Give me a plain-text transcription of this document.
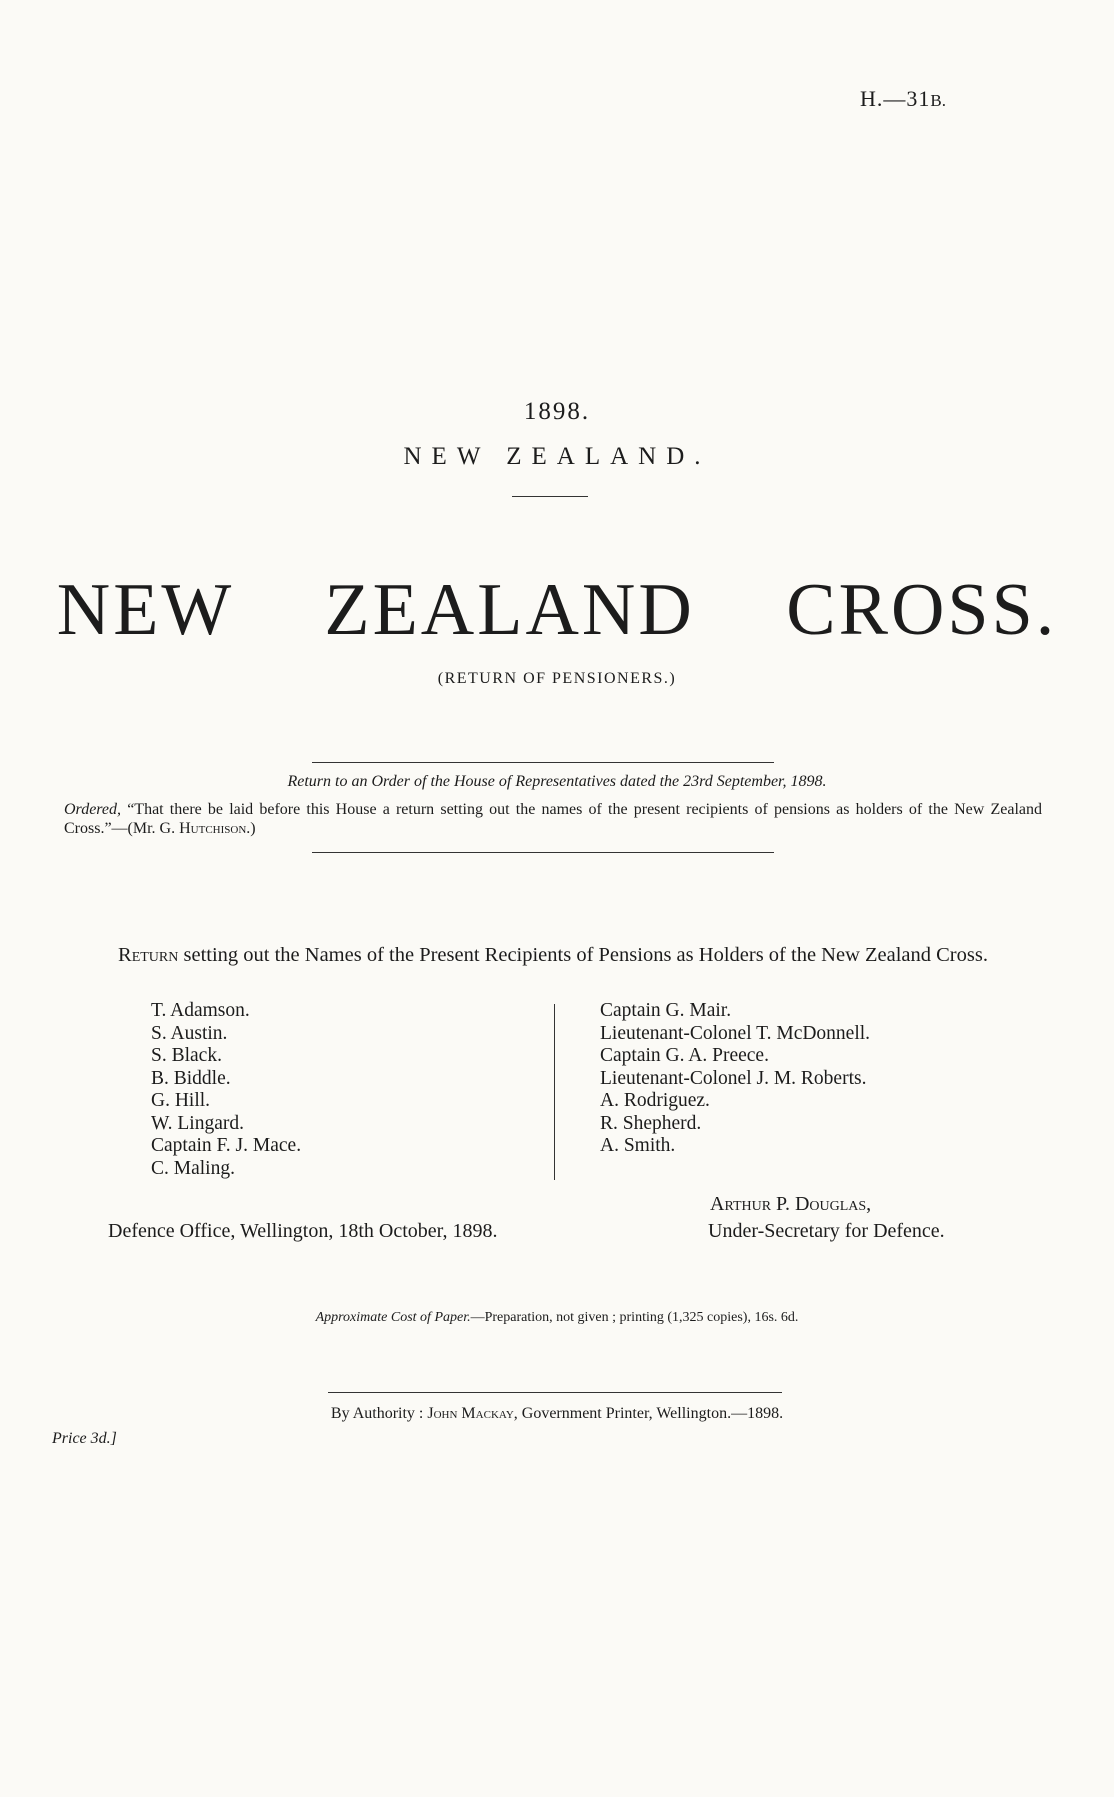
H.—31B.
1898.
NEW ZEALAND.
NEW ZEALAND CROSS.
(RETURN OF PENSIONERS.)
Return to an Order of the House of Representatives dated the 23rd September, 1898.
Ordered, “That there be laid before this House a return setting out the names of the present recipients of pensions as holders of the New Zealand Cross.”—(Mr. G. Hutchison.)
Return setting out the Names of the Present Recipients of Pensions as Holders of the New Zealand Cross.
T. Adamson.
S. Austin.
S. Black.
B. Biddle.
G. Hill.
W. Lingard.
Captain F. J. Mace.
C. Maling.
Captain G. Mair.
Lieutenant-Colonel T. McDonnell.
Captain G. A. Preece.
Lieutenant-Colonel J. M. Roberts.
A. Rodriguez.
R. Shepherd.
A. Smith.
Defence Office, Wellington, 18th October, 1898.
Arthur P. Douglas,
Under-Secretary for Defence.
Approximate Cost of Paper.—Preparation, not given ; printing (1,325 copies), 16s. 6d.
By Authority : John Mackay, Government Printer, Wellington.—1898.
Price 3d.]
